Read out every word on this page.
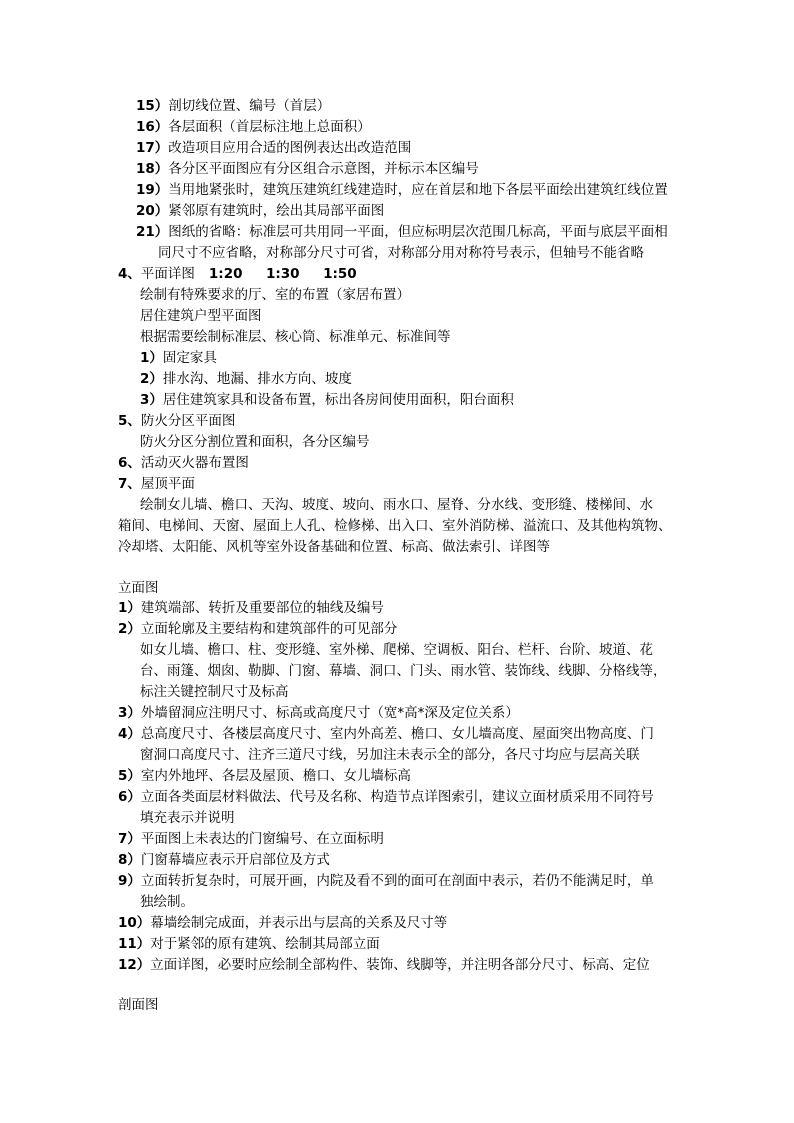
15）剖切线位置、编号（首层）
16）各层面积（首层标注地上总面积）
17）改造项目应用合适的图例表达出改造范围
18）各分区平面图应有分区组合示意图，并标示本区编号
19）当用地紧张时，建筑压建筑红线建造时，应在首层和地下各层平面绘出建筑红线位置
20）紧邻原有建筑时，绘出其局部平面图
21）图纸的省略：标准层可共用同一平面，但应标明层次范围几标高，平面与底层平面相
同尺寸不应省略，对称部分尺寸可省，对称部分用对称符号表示，但轴号不能省略
4、平面详图 1:20     1:30     1:50
绘制有特殊要求的厅、室的布置（家居布置）
居住建筑户型平面图
根据需要绘制标准层、核心筒、标准单元、标准间等
1）固定家具
2）排水沟、地漏、排水方向、坡度
3）居住建筑家具和设备布置，标出各房间使用面积，阳台面积
5、防火分区平面图
防火分区分割位置和面积，各分区编号
6、活动灭火器布置图
7、屋顶平面
绘制女儿墙、檐口、天沟、坡度、坡向、雨水口、屋脊、分水线、变形缝、楼梯间、水
箱间、电梯间、天窗、屋面上人孔、检修梯、出入口、室外消防梯、溢流口、及其他构筑物、
冷却塔、太阳能、风机等室外设备基础和位置、标高、做法索引、详图等
立面图
1）建筑端部、转折及重要部位的轴线及编号
2）立面轮廓及主要结构和建筑部件的可见部分
如女儿墙、檐口、柱、变形缝、室外梯、爬梯、空调板、阳台、栏杆、台阶、坡道、花
台、雨篷、烟囱、勒脚、门窗、幕墙、洞口、门头、雨水管、装饰线、线脚、分格线等，
标注关键控制尺寸及标高
3）外墙留洞应注明尺寸、标高或高度尺寸（宽*高*深及定位关系）
4）总高度尺寸、各楼层高度尺寸、室内外高差、檐口、女儿墙高度、屋面突出物高度、门
窗洞口高度尺寸、注齐三道尺寸线，另加注未表示全的部分，各尺寸均应与层高关联
5）室内外地坪、各层及屋顶、檐口、女儿墙标高
6）立面各类面层材料做法、代号及名称、构造节点详图索引，建议立面材质采用不同符号
填充表示并说明
7）平面图上未表达的门窗编号、在立面标明
8）门窗幕墙应表示开启部位及方式
9）立面转折复杂时，可展开画，内院及看不到的面可在剖面中表示，若仍不能满足时，单
独绘制。
10）幕墙绘制完成面，并表示出与层高的关系及尺寸等
11）对于紧邻的原有建筑、绘制其局部立面
12）立面详图，必要时应绘制全部构件、装饰、线脚等，并注明各部分尺寸、标高、定位
剖面图
